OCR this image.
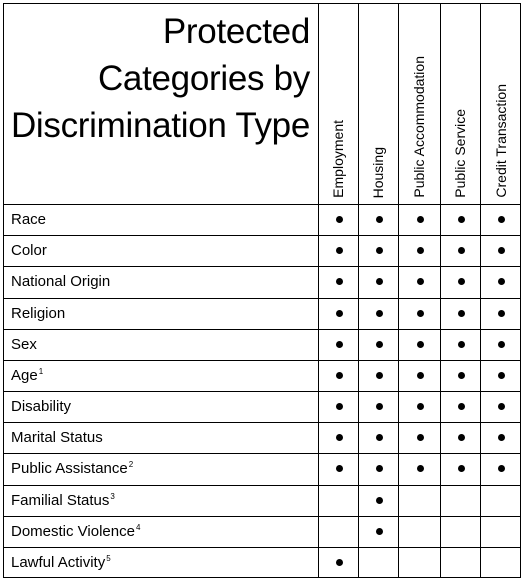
Protected
Categories by
Discrimination Type Employment Housing Public Accommodation Public Service Credit Transaction
Race
Color
National Origin
Religion
Sex
Age$^1$
Disability
Marital Status
Public Assistance$^2$
Familial Status$^3$
Domestic Violence$^4$
Lawful Activity$^5$
